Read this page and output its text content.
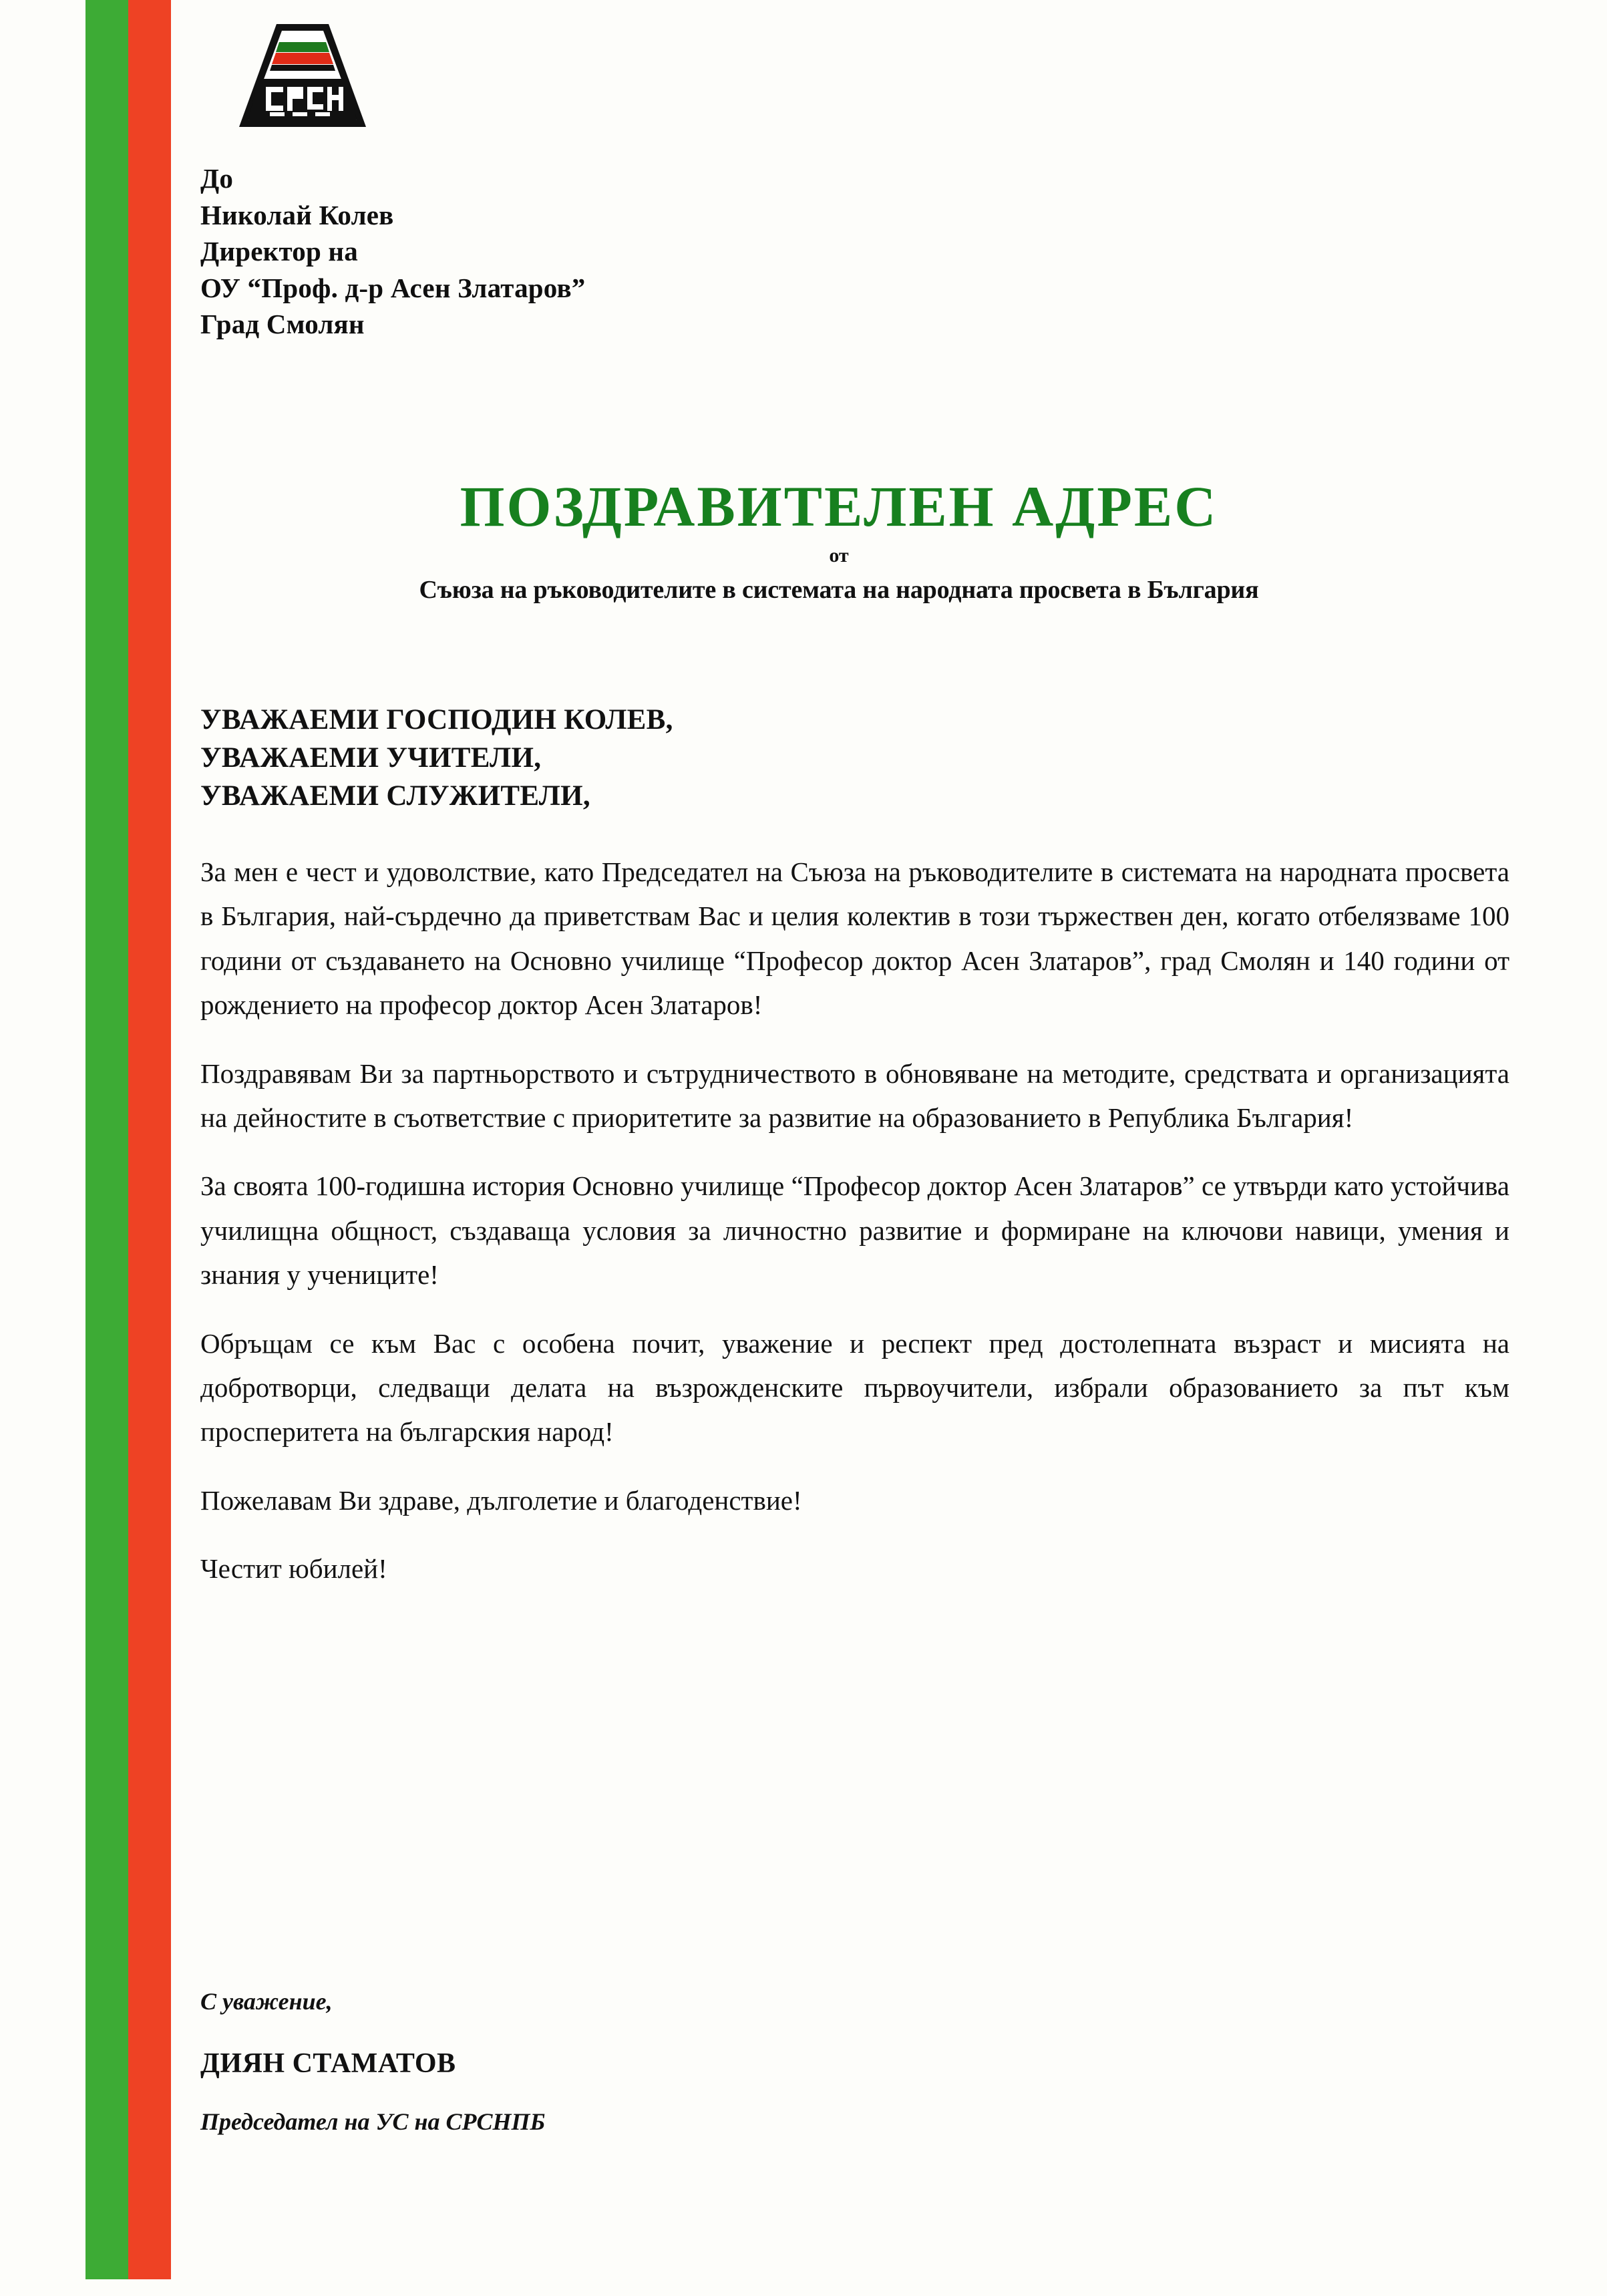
До
Николай Колев
Директор на
ОУ “Проф. д-р Асен Златаров”
Град Смолян
ПОЗДРАВИТЕЛЕН АДРЕС
от
Съюза на ръководителите в системата на народната просвета в България
УВАЖАЕМИ ГОСПОДИН КОЛЕВ,
УВАЖАЕМИ УЧИТЕЛИ,
УВАЖАЕМИ СЛУЖИТЕЛИ,

За мен е чест и удоволствие, като Председател на Съюза на ръководителите в системата на народната просвета в България, най-сърдечно да приветствам Вас и целия колектив в този тържествен ден, когато отбелязваме 100 години от създаването на Основно училище “Професор доктор Асен Златаров”, град Смолян и 140 години от рождението на професор доктор Асен Златаров!

Поздравявам Ви за партньорството и сътрудничеството в обновяване на методите, средствата и организацията на дейностите в съответствие с приоритетите за развитие на образованието в Република България!

За своята 100-годишна история Основно училище “Професор доктор Асен Златаров” се утвърди като устойчива училищна общност, създаваща условия за личностно развитие и формиране на ключови навици, умения и знания у учениците!

Обръщам се към Вас с особена почит, уважение и респект пред достолепната възраст и мисията на добротворци, следващи делата на възрожденските първоучители, избрали образованието за път към просперитета на българския народ!

Пожелавам Ви здраве, дълголетие и благоденствие!

Честит юбилей!

С уважение,
ДИЯН СТАМАТОВ
Председател на УС на СРСНПБ
